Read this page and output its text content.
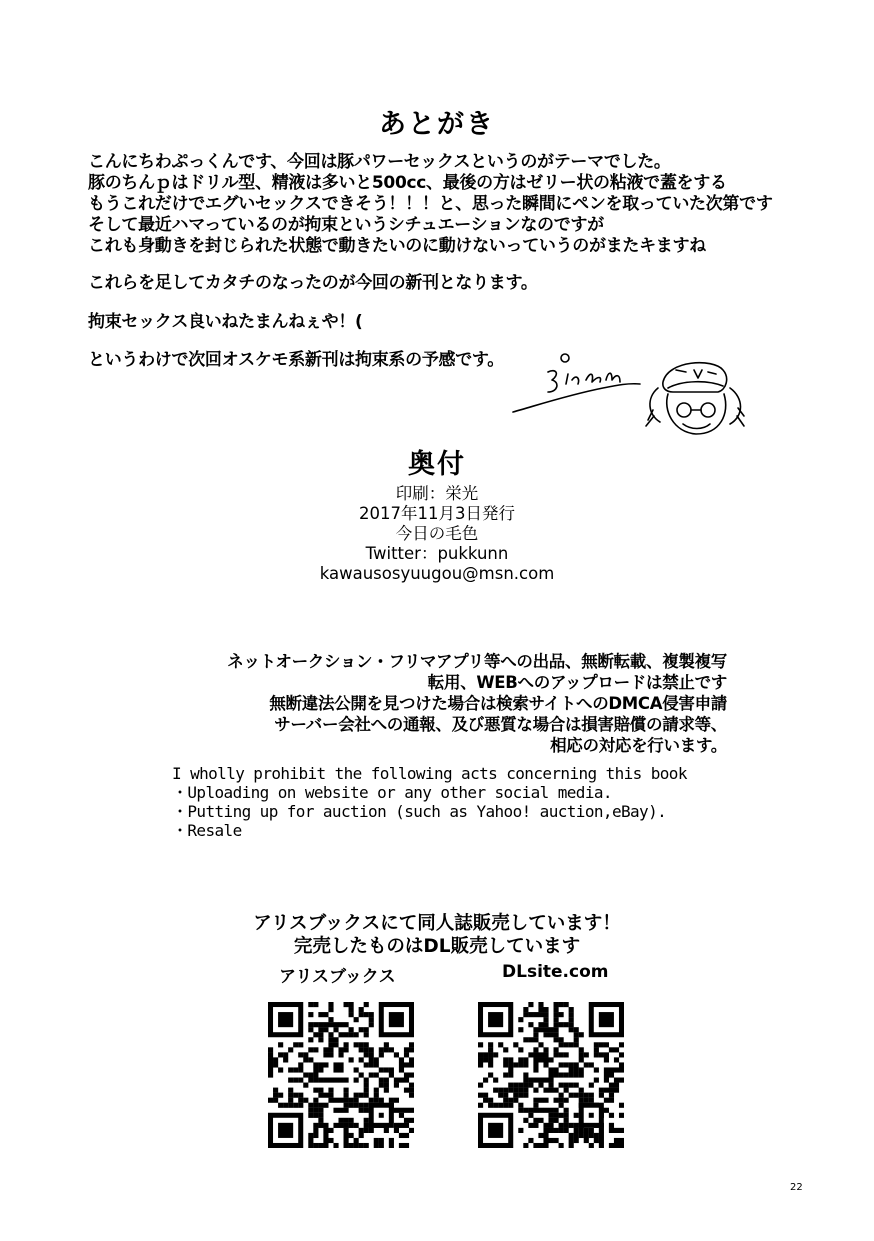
あとがき
こんにちわぷっくんです、今回は豚パワーセックスというのがテーマでした。
豚のちんｐはドリル型、精液は多いと500cc、最後の方はゼリー状の粘液で蓋をする
もうこれだけでエグいセックスできそう！！！と、思った瞬間にペンを取っていた次第です
そして最近ハマっているのが拘束というシチュエーションなのですが
これも身動きを封じられた状態で動きたいのに動けないっていうのがまたキますね
これらを足してカタチのなったのが今回の新刊となります。
拘束セックス良いねたまんねぇや！(
というわけで次回オスケモ系新刊は拘束系の予感です。
奥付
印刷：栄光
2017年11月3日発行
今日の毛色
Twitter：pukkunn
kawausosyuugou@msn.com
ネットオークション・フリマアプリ等への出品、無断転載、複製複写
転用、WEBへのアップロードは禁止です
無断違法公開を見つけた場合は検索サイトへのDMCA侵害申請
サーバー会社への通報、及び悪質な場合は損害賠償の請求等、
相応の対応を行います。
I wholly prohibit the following acts concerning this book
・Uploading on website or any other social media.
・Putting up for auction (such as Yahoo! auction,eBay).
・Resale
アリスブックスにて同人誌販売しています！
完売したものはDL販売しています
アリスブックス	DLsite.com
22
